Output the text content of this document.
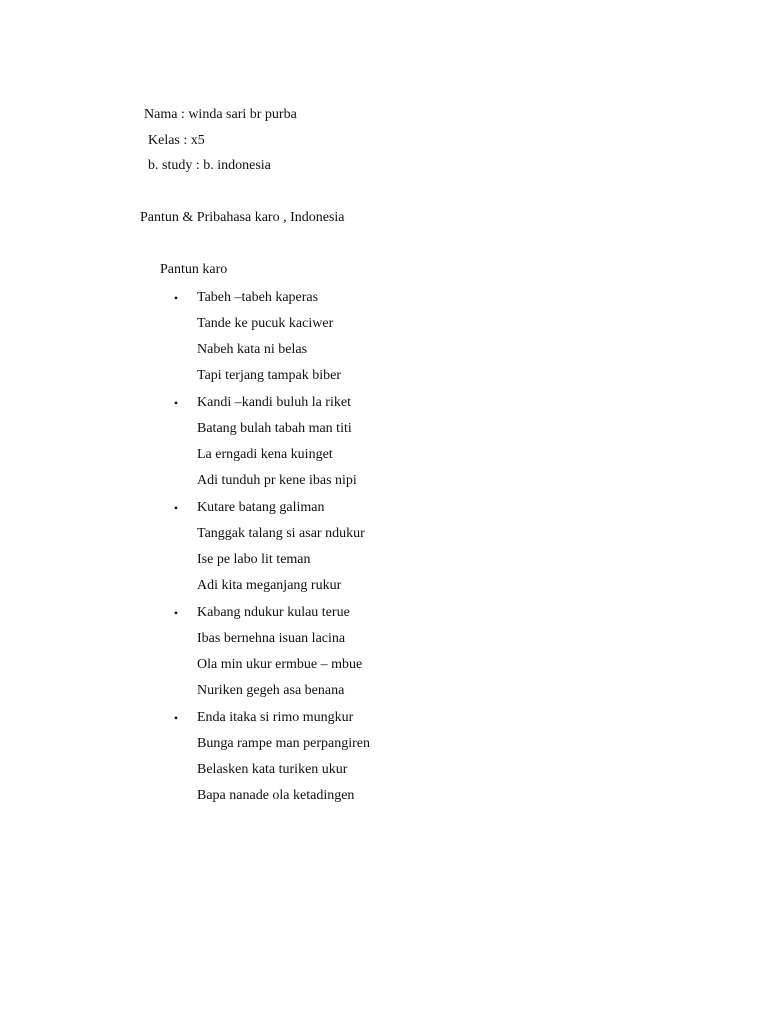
Nama : winda sari br purba
Kelas : x5
b. study : b. indonesia
Pantun & Pribahasa karo , Indonesia
Pantun karo
• Tabeh –tabeh kaperas
Tande ke pucuk kaciwer
Nabeh kata ni belas
Tapi terjang tampak biber
• Kandi –kandi buluh la riket
Batang bulah tabah man titi
La erngadi kena kuinget
Adi tunduh pr kene ibas nipi
• Kutare batang galiman
Tanggak talang si asar ndukur
Ise pe labo lit teman
Adi kita meganjang rukur
• Kabang ndukur kulau terue
Ibas bernehna isuan lacina
Ola min ukur ermbue – mbue
Nuriken gegeh asa benana
• Enda itaka si rimo mungkur
Bunga rampe man perpangiren
Belasken kata turiken ukur
Bapa nanade ola ketadingen
